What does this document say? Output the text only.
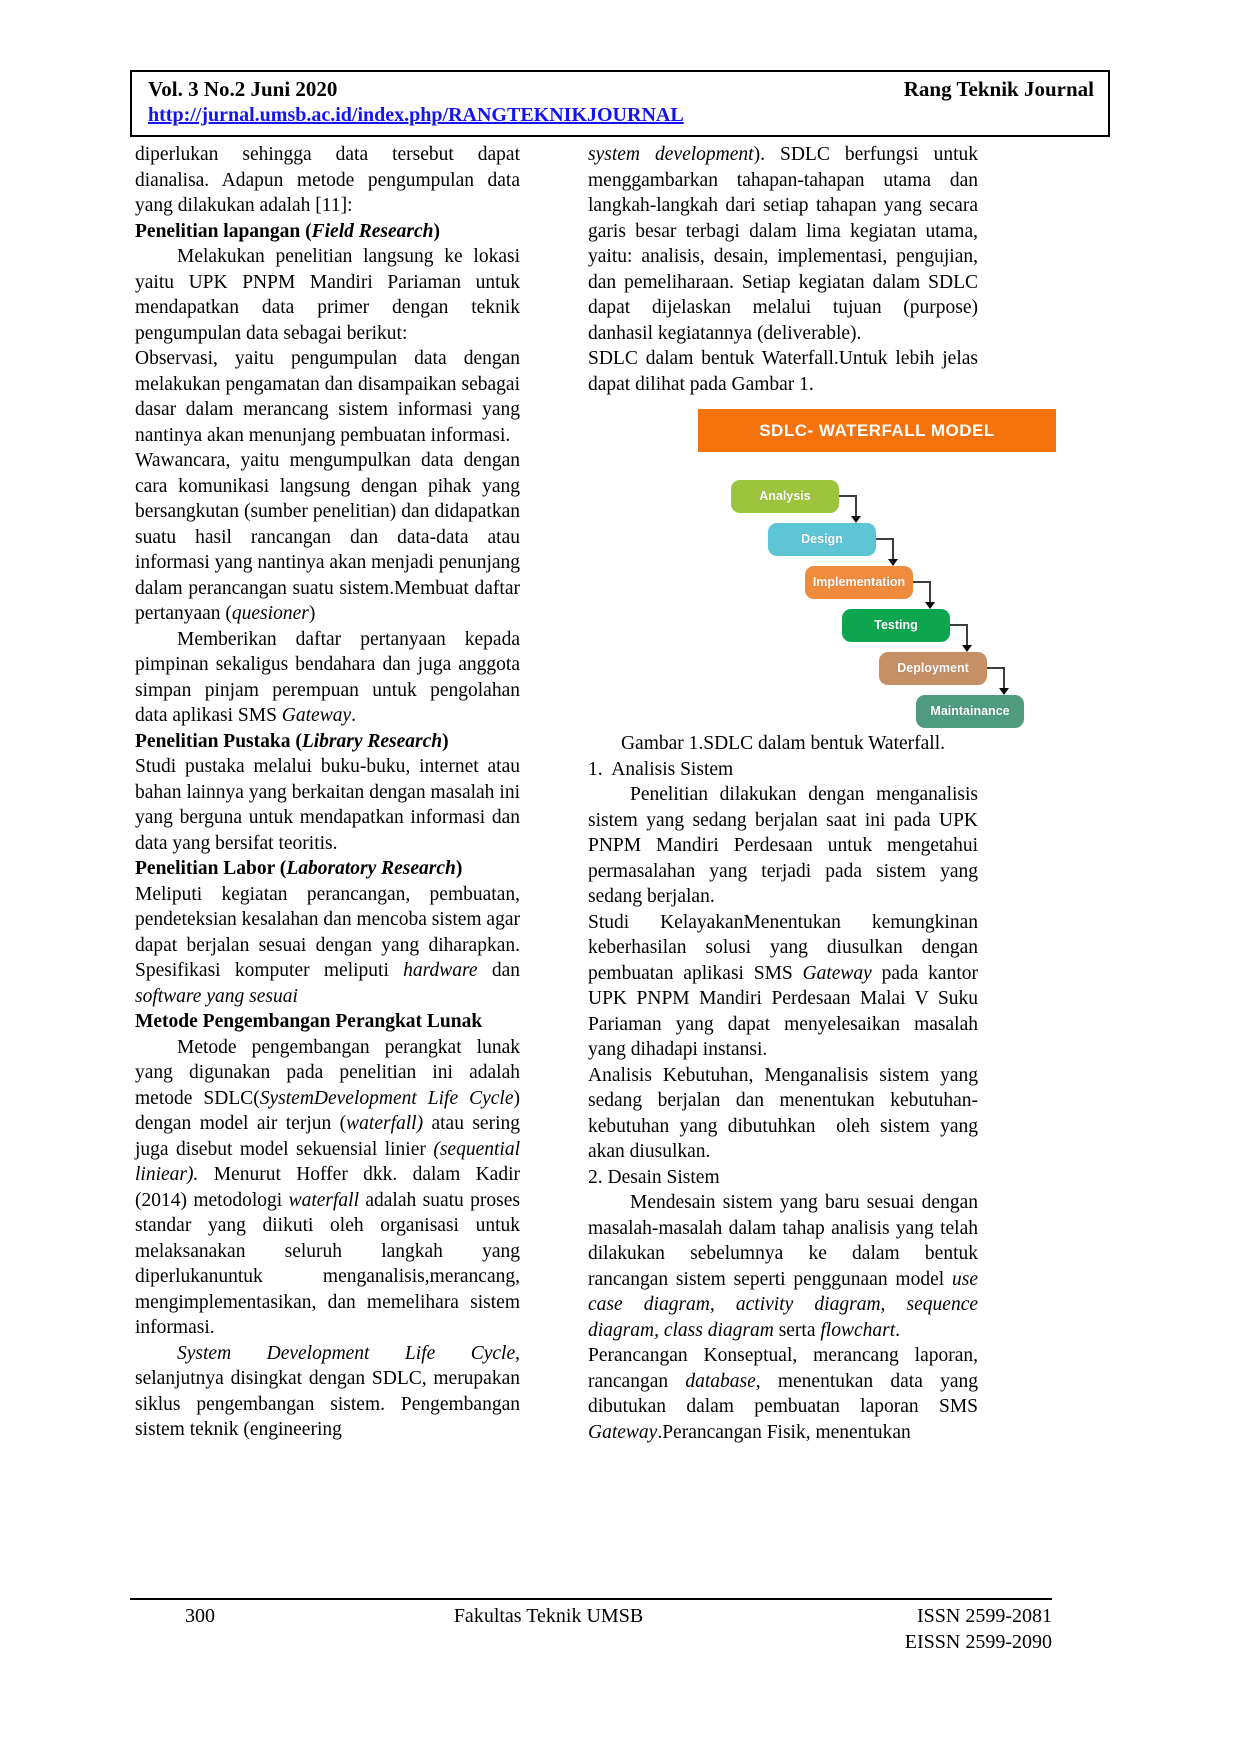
Vol. 3 No.2 Juni 2020	Rang Teknik Journal
http://jurnal.umsb.ac.id/index.php/RANGTEKNIKJOURNAL

diperlukan sehingga data tersebut dapat dianalisa. Adapun metode pengumpulan data yang dilakukan adalah [11]:

Penelitian lapangan (Field Research)

Melakukan penelitian langsung ke lokasi yaitu UPK PNPM Mandiri Pariaman untuk mendapatkan data primer dengan teknik pengumpulan data sebagai berikut:

Observasi, yaitu pengumpulan data dengan melakukan pengamatan dan disampaikan sebagai dasar dalam merancang sistem informasi yang nantinya akan menunjang pembuatan informasi.

Wawancara, yaitu mengumpulkan data dengan cara komunikasi langsung dengan pihak yang bersangkutan (sumber penelitian) dan didapatkan suatu hasil rancangan dan data-data atau informasi yang nantinya akan menjadi penunjang dalam perancangan suatu sistem.Membuat daftar pertanyaan (quesioner)

Memberikan daftar pertanyaan kepada pimpinan sekaligus bendahara dan juga anggota simpan pinjam perempuan untuk pengolahan data aplikasi SMS Gateway.

Penelitian Pustaka (Library Research)

Studi pustaka melalui buku-buku, internet atau bahan lainnya yang berkaitan dengan masalah ini yang berguna untuk mendapatkan informasi dan data yang bersifat teoritis.

Penelitian Labor (Laboratory Research)

Meliputi kegiatan perancangan, pembuatan, pendeteksian kesalahan dan mencoba sistem agar dapat berjalan sesuai dengan yang diharapkan. Spesifikasi komputer meliputi hardware dan software yang sesuai

Metode Pengembangan Perangkat Lunak

Metode pengembangan perangkat lunak yang digunakan pada penelitian ini adalah metode SDLC(SystemDevelopment Life Cycle) dengan model air terjun (waterfall) atau sering juga disebut model sekuensial linier (sequential liniear). Menurut Hoffer dkk. dalam Kadir (2014) metodologi waterfall adalah suatu proses standar yang diikuti oleh organisasi untuk melaksanakan seluruh langkah yang diperlukanuntuk menganalisis,merancang, mengimplementasikan, dan memelihara sistem informasi.

System Development Life Cycle, selanjutnya disingkat dengan SDLC, merupakan siklus pengembangan sistem. Pengembangan sistem teknik (engineering

system development). SDLC berfungsi untuk menggambarkan tahapan-tahapan utama dan langkah-langkah dari setiap tahapan yang secara garis besar terbagi dalam lima kegiatan utama, yaitu: analisis, desain, implementasi, pengujian, dan pemeliharaan. Setiap kegiatan dalam SDLC dapat dijelaskan melalui tujuan (purpose) danhasil kegiatannya (deliverable).

SDLC dalam bentuk Waterfall.Untuk lebih jelas dapat dilihat pada Gambar 1.

SDLC- WATERFALL MODEL
Analysis
Design
Implementation
Testing
Deployment
Maintainance

Gambar 1.SDLC dalam bentuk Waterfall.

1.  Analisis Sistem

Penelitian dilakukan dengan menganalisis sistem yang sedang berjalan saat ini pada UPK PNPM Mandiri Perdesaan untuk mengetahui permasalahan yang terjadi pada sistem yang sedang berjalan.

Studi KelayakanMenentukan kemungkinan keberhasilan solusi yang diusulkan dengan pembuatan aplikasi SMS Gateway pada kantor UPK PNPM Mandiri Perdesaan Malai V Suku Pariaman yang dapat menyelesaikan masalah yang dihadapi instansi.

Analisis Kebutuhan, Menganalisis sistem yang sedang berjalan dan menentukan kebutuhan-kebutuhan yang dibutuhkan  oleh sistem yang akan diusulkan.

2. Desain Sistem

Mendesain sistem yang baru sesuai dengan masalah-masalah dalam tahap analisis yang telah dilakukan sebelumnya ke dalam bentuk rancangan sistem seperti penggunaan model use case diagram, activity diagram, sequence diagram, class diagram serta flowchart.

Perancangan Konseptual, merancang laporan, rancangan database, menentukan data yang dibutukan dalam pembuatan laporan SMS Gateway.Perancangan Fisik, menentukan

300	Fakultas Teknik UMSB	ISSN 2599-2081
EISSN 2599-2090
